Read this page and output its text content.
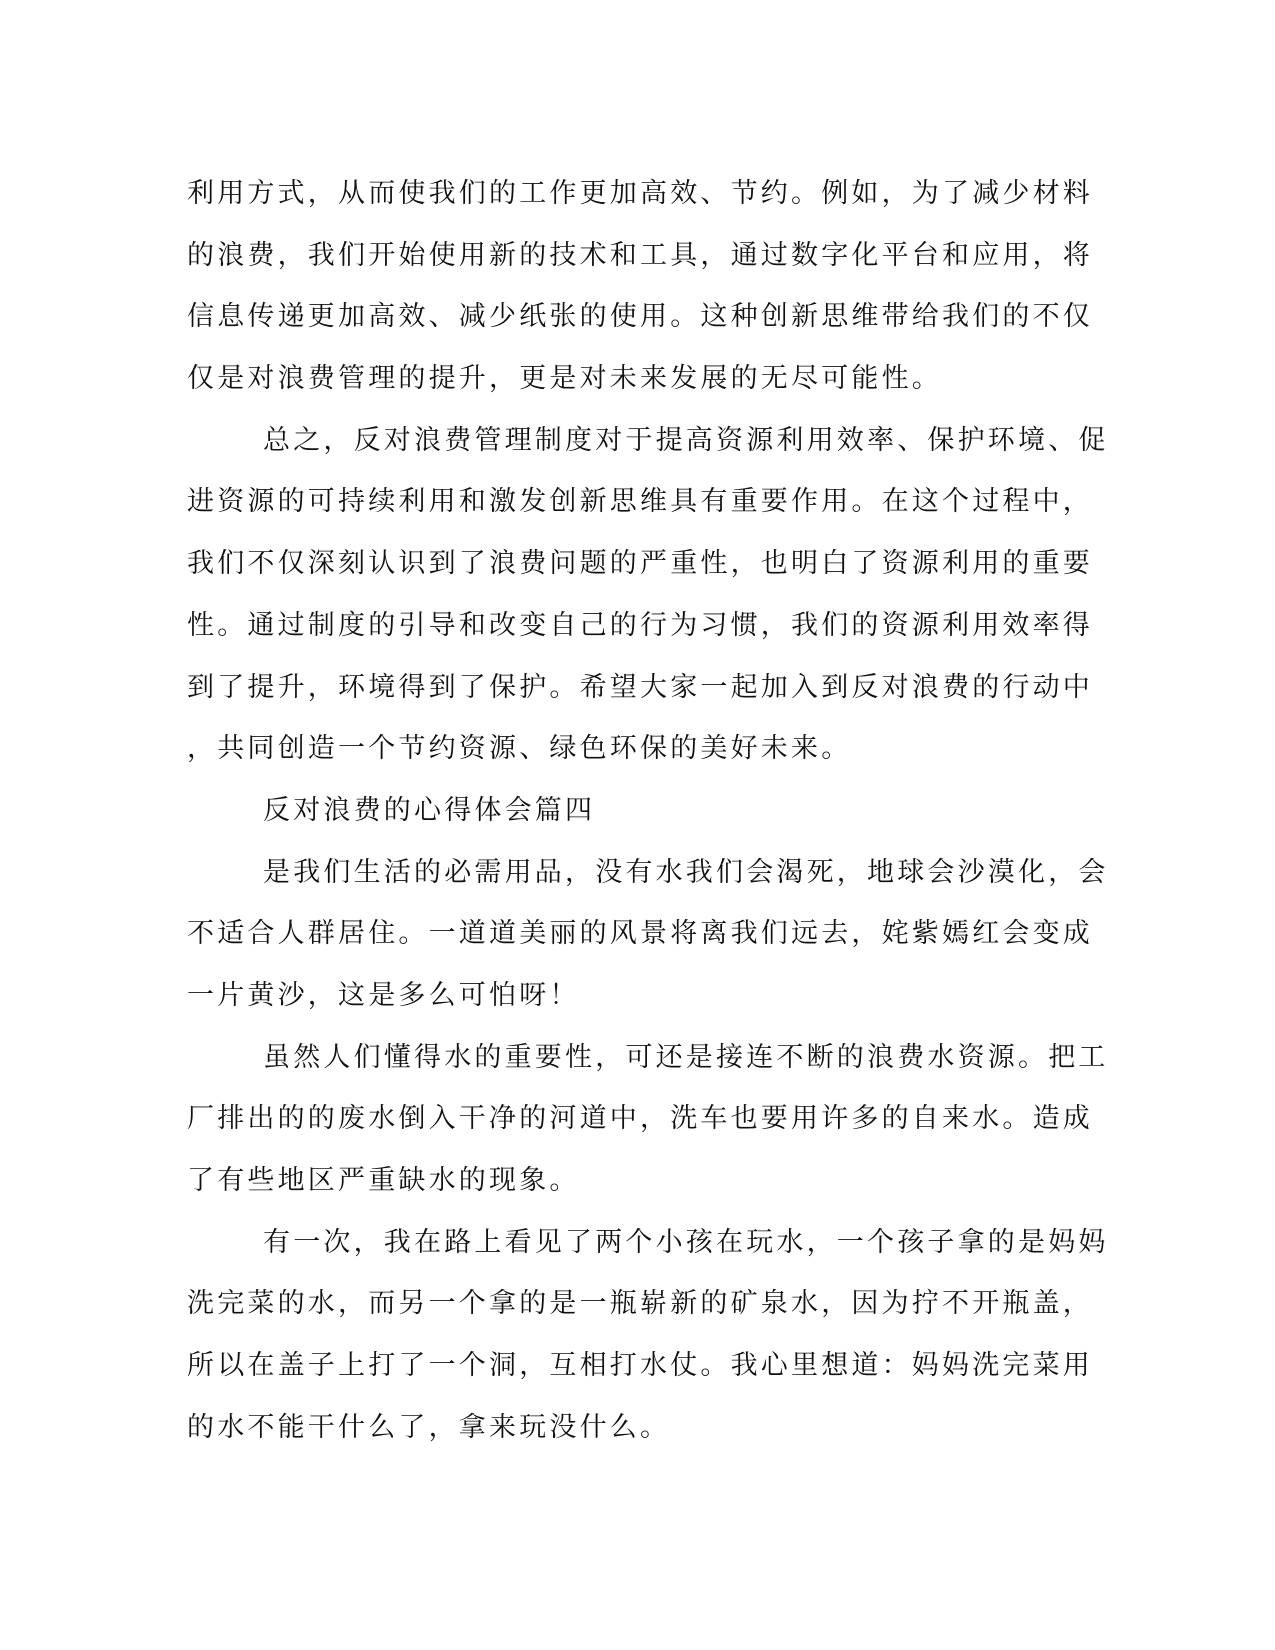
利用方式，从而使我们的工作更加高效、节约。例如，为了减少材料
的浪费，我们开始使用新的技术和工具，通过数字化平台和应用，将
信息传递更加高效、减少纸张的使用。这种创新思维带给我们的不仅
仅是对浪费管理的提升，更是对未来发展的无尽可能性。
总之，反对浪费管理制度对于提高资源利用效率、保护环境、促
进资源的可持续利用和激发创新思维具有重要作用。在这个过程中，
我们不仅深刻认识到了浪费问题的严重性，也明白了资源利用的重要
性。通过制度的引导和改变自己的行为习惯，我们的资源利用效率得
到了提升，环境得到了保护。希望大家一起加入到反对浪费的行动中
，共同创造一个节约资源、绿色环保的美好未来。
反对浪费的心得体会篇四
是我们生活的必需用品，没有水我们会渴死，地球会沙漠化，会
不适合人群居住。一道道美丽的风景将离我们远去，姹紫嫣红会变成
一片黄沙，这是多么可怕呀！
虽然人们懂得水的重要性，可还是接连不断的浪费水资源。把工
厂排出的的废水倒入干净的河道中，洗车也要用许多的自来水。造成
了有些地区严重缺水的现象。
有一次，我在路上看见了两个小孩在玩水，一个孩子拿的是妈妈
洗完菜的水，而另一个拿的是一瓶崭新的矿泉水，因为拧不开瓶盖，
所以在盖子上打了一个洞，互相打水仗。我心里想道：妈妈洗完菜用
的水不能干什么了，拿来玩没什么。
